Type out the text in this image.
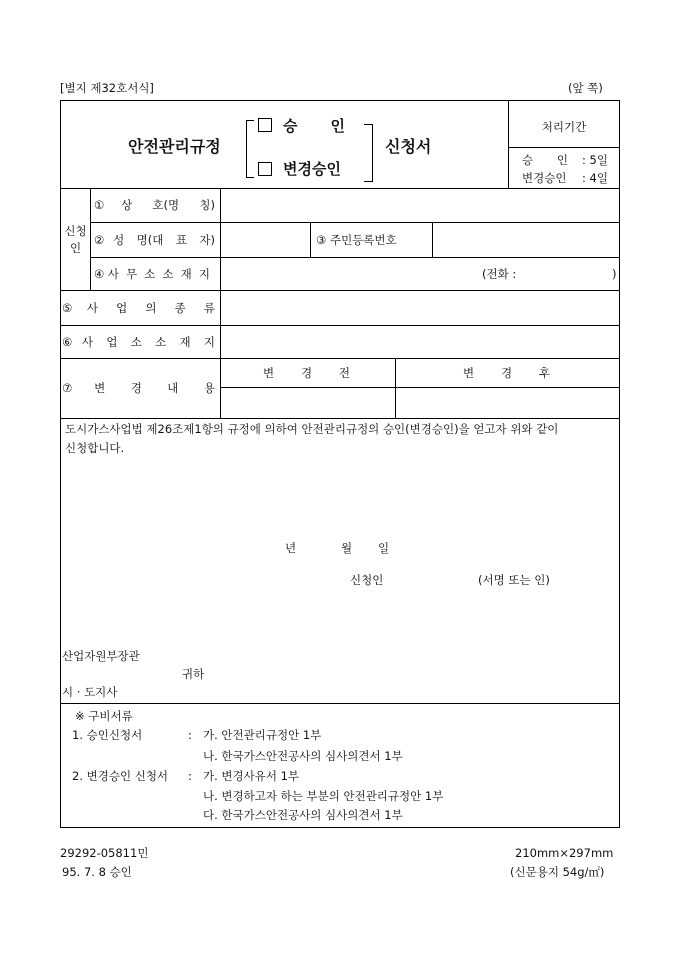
[별지 제32호서식]	(앞 쪽)
안전관리규정
승 인
변경승인
신청서
처리기간
승 인 : 5일
변경승인 : 4일
신청인
①상 호(명 칭)
②성 명(대 표 자)	③ 주민등록번호
④사 무 소 소 재 지	(전화 :	)
⑤사 업 의 종 류
⑥사 업 소 소 재 지
⑦변 경 내 용
변 경 전	변 경 후
도시가스사업법 제26조제1항의 규정에 의하여 안전관리규정의 승인(변경승인)을 얻고자 위와 같이 신청합니다.
년	월 일
신청인	(서명 또는 인)
산업자원부장관
귀하
시 · 도지사
※ 구비서류
1. 승인신청서	: 가. 안전관리규정안 1부
나. 한국가스안전공사의 심사의견서 1부
2. 변경승인 신청서 : 가. 변경사유서 1부
나. 변경하고자 하는 부분의 안전관리규정안 1부
다. 한국가스안전공사의 심사의견서 1부
29292-05811민	210mm×297mm
95. 7. 8 승인	(신문용지 54g/㎡)
